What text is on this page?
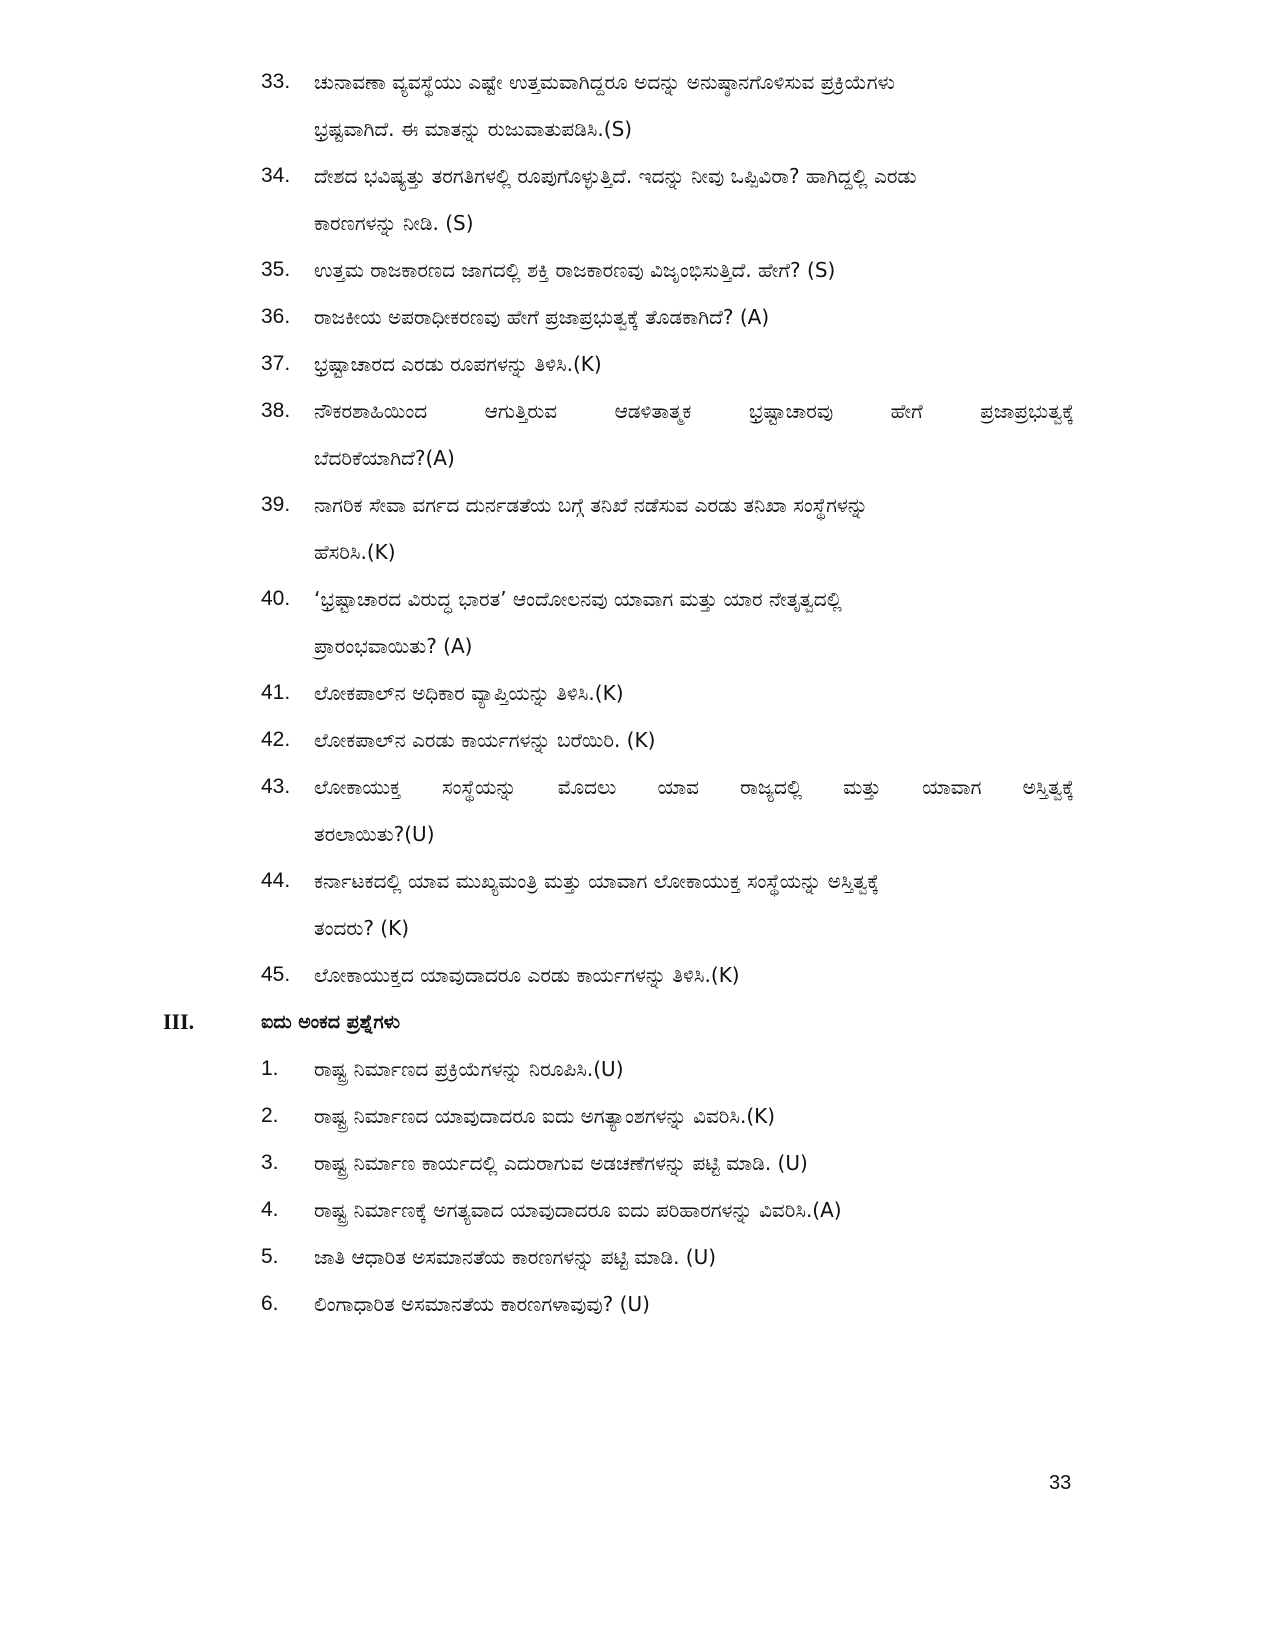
33. ಚುನಾವಣಾ ವ್ಯವಸ್ಥೆಯು ಎಷ್ಟೇ ಉತ್ತಮವಾಗಿದ್ದರೂ ಅದನ್ನು ಅನುಷ್ಠಾನಗೊಳಿಸುವ ಪ್ರಕ್ರಿಯೆಗಳು
ಭ್ರಷ್ಟವಾಗಿದೆ. ಈ ಮಾತನ್ನು ರುಜುವಾತುಪಡಿಸಿ.(S)
34. ದೇಶದ ಭವಿಷ್ಯತ್ತು ತರಗತಿಗಳಲ್ಲಿ ರೂಪುಗೊಳ್ಳುತ್ತಿದೆ. ಇದನ್ನು ನೀವು ಒಪ್ಪಿವಿರಾ? ಹಾಗಿದ್ದಲ್ಲಿ ಎರಡು
ಕಾರಣಗಳನ್ನು ನೀಡಿ. (S)
35. ಉತ್ತಮ ರಾಜಕಾರಣದ ಜಾಗದಲ್ಲಿ ಶಕ್ತಿ ರಾಜಕಾರಣವು ವಿಜೃಂಭಿಸುತ್ತಿದೆ. ಹೇಗೆ? (S)
36. ರಾಜಕೀಯ ಅಪರಾಧೀಕರಣವು ಹೇಗೆ ಪ್ರಜಾಪ್ರಭುತ್ವಕ್ಕೆ ತೊಡಕಾಗಿದೆ? (A)
37. ಭ್ರಷ್ಟಾಚಾರದ ಎರಡು ರೂಪಗಳನ್ನು ತಿಳಿಸಿ.(K)
38. ನೌಕರಶಾಹಿಯಿಂದ ಆಗುತ್ತಿರುವ ಆಡಳಿತಾತ್ಮಕ ಭ್ರಷ್ಟಾಚಾರವು ಹೇಗೆ ಪ್ರಜಾಪ್ರಭುತ್ವಕ್ಕೆ
ಬೆದರಿಕೆಯಾಗಿದೆ?(A)
39. ನಾಗರಿಕ ಸೇವಾ ವರ್ಗದ ದುರ್ನಡತೆಯ ಬಗ್ಗೆ ತನಿಖೆ ನಡೆಸುವ ಎರಡು ತನಿಖಾ ಸಂಸ್ಥೆಗಳನ್ನು
ಹೆಸರಿಸಿ.(K)
40. ‘ಭ್ರಷ್ಟಾಚಾರದ ವಿರುದ್ಧ ಭಾರತ’ ಆಂದೋಲನವು ಯಾವಾಗ ಮತ್ತು ಯಾರ ನೇತೃತ್ವದಲ್ಲಿ
ಪ್ರಾರಂಭವಾಯಿತು? (A)
41. ಲೋಕಪಾಲ್‌ನ ಅಧಿಕಾರ ವ್ಯಾಪ್ತಿಯನ್ನು ತಿಳಿಸಿ.(K)
42. ಲೋಕಪಾಲ್‌ನ ಎರಡು ಕಾರ್ಯಗಳನ್ನು ಬರೆಯಿರಿ. (K)
43. ಲೋಕಾಯುಕ್ತ ಸಂಸ್ಥೆಯನ್ನು ಮೊದಲು ಯಾವ ರಾಜ್ಯದಲ್ಲಿ ಮತ್ತು ಯಾವಾಗ ಅಸ್ತಿತ್ವಕ್ಕೆ
ತರಲಾಯಿತು?(U)
44. ಕರ್ನಾಟಕದಲ್ಲಿ ಯಾವ ಮುಖ್ಯಮಂತ್ರಿ ಮತ್ತು ಯಾವಾಗ ಲೋಕಾಯುಕ್ತ ಸಂಸ್ಥೆಯನ್ನು ಅಸ್ತಿತ್ವಕ್ಕೆ
ತಂದರು? (K)
45. ಲೋಕಾಯುಕ್ತದ ಯಾವುದಾದರೂ ಎರಡು ಕಾರ್ಯಗಳನ್ನು ತಿಳಿಸಿ.(K)
III.	ಐದು ಅಂಕದ ಪ್ರಶ್ನೆಗಳು
1. ರಾಷ್ಟ್ರ ನಿರ್ಮಾಣದ ಪ್ರಕ್ರಿಯೆಗಳನ್ನು ನಿರೂಪಿಸಿ.(U)
2. ರಾಷ್ಟ್ರ ನಿರ್ಮಾಣದ ಯಾವುದಾದರೂ ಐದು ಅಗತ್ಯಾಂಶಗಳನ್ನು ವಿವರಿಸಿ.(K)
3. ರಾಷ್ಟ್ರ ನಿರ್ಮಾಣ ಕಾರ್ಯದಲ್ಲಿ ಎದುರಾಗುವ ಅಡಚಣೆಗಳನ್ನು ಪಟ್ಟಿ ಮಾಡಿ. (U)
4. ರಾಷ್ಟ್ರ ನಿರ್ಮಾಣಕ್ಕೆ ಅಗತ್ಯವಾದ ಯಾವುದಾದರೂ ಐದು ಪರಿಹಾರಗಳನ್ನು ವಿವರಿಸಿ.(A)
5. ಜಾತಿ ಆಧಾರಿತ ಅಸಮಾನತೆಯ ಕಾರಣಗಳನ್ನು ಪಟ್ಟಿ ಮಾಡಿ. (U)
6. ಲಿಂಗಾಧಾರಿತ ಅಸಮಾನತೆಯ ಕಾರಣಗಳಾವುವು? (U)
33
